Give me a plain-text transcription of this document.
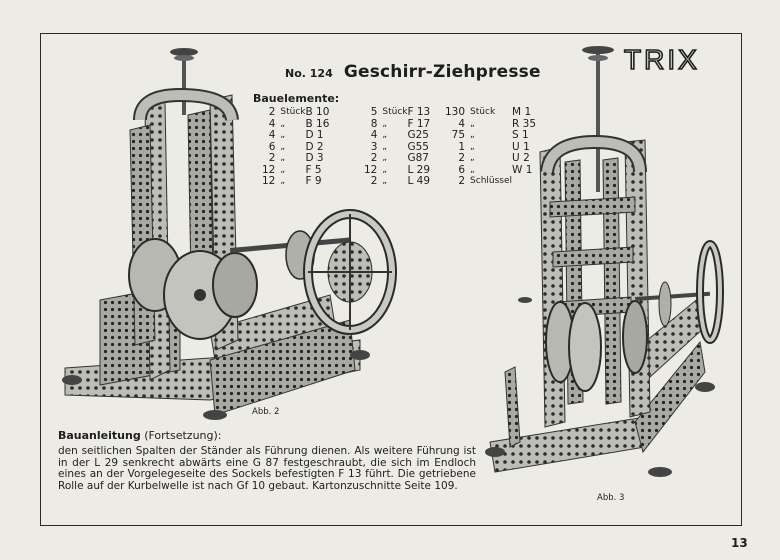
No. 124 Geschirr-Ziehpresse	TRIX
Bauelemente:
2	Stück	B 10
4	„	B 16
4	„	D 1
6	„	D 2
2	„	D 3
12	„	F 5
12	„	F 9
5	Stück	F 13
8	„	F 17
4	„	G25
3	„	G55
2	„	G87
12	„	L 29
2	„	L 49
130	Stück	M 1
4	„	R 35
75	„	S 1
1	„	U 1
2	„	U 2
6	„	W 1
2	Schlüssel	
Abb. 2
Abb. 3
Bauanleitung (Fortsetzung):

den seitlichen Spalten der Ständer als Führung dienen. Als weitere Führung ist in der L 29 senkrecht abwärts eine G 87 festgeschraubt, die sich im Endloch eines an der Vorgelegeseite des Sockels befestigten F 13 führt. Die getriebene Rolle auf der Kurbelwelle ist nach Gf 10 gebaut. Kartonzuschnitte Seite 109.

13
